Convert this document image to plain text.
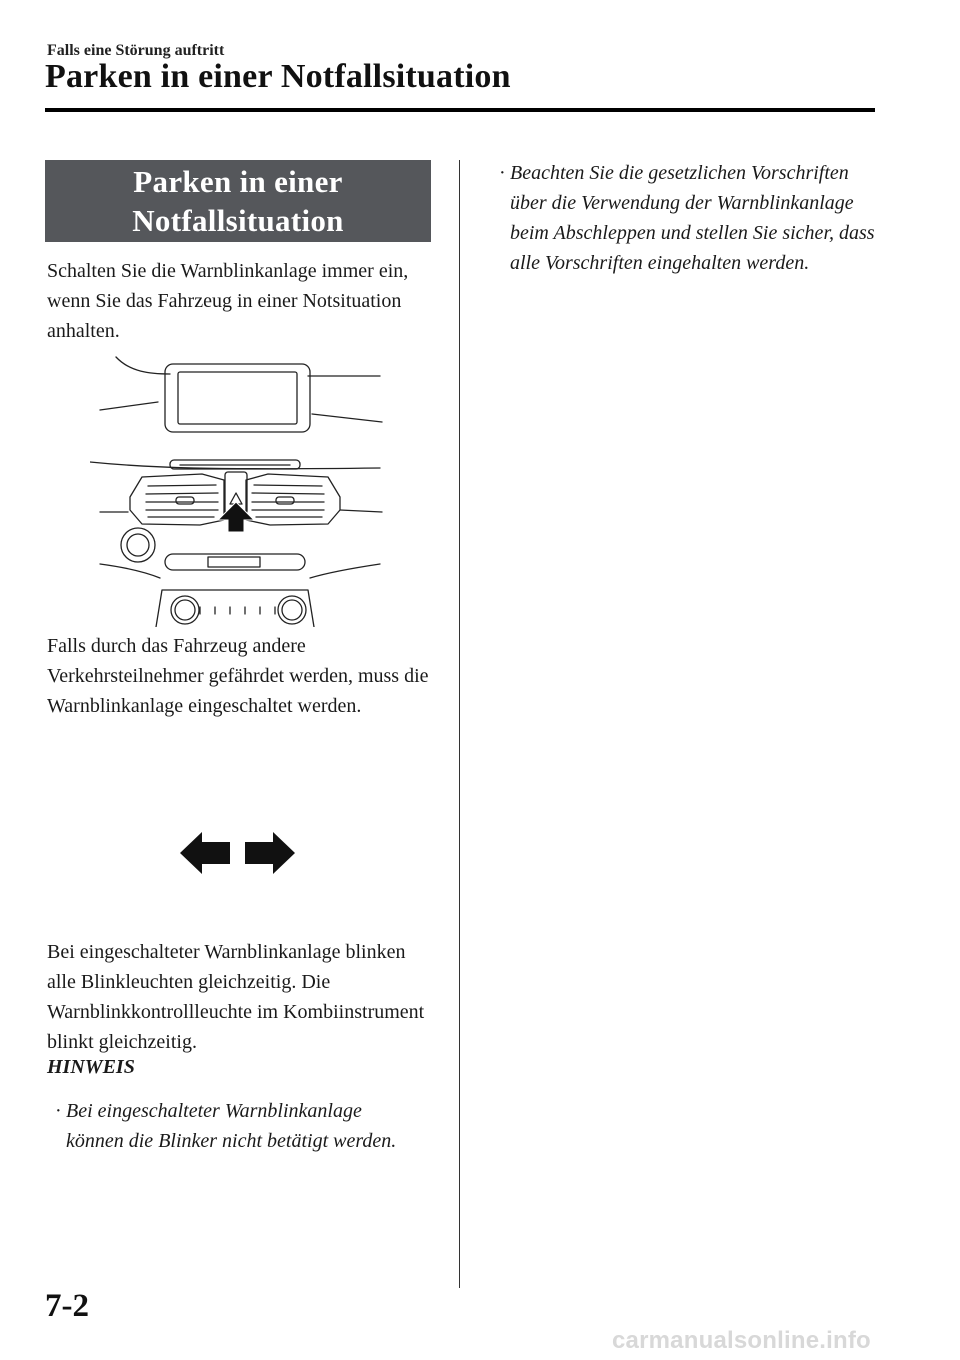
Falls eine Störung auftritt
Parken in einer Notfallsituation
Parken in einer
Notfallsituation
Schalten Sie die Warnblinkanlage immer ein, wenn Sie das Fahrzeug in einer Notsituation anhalten.
Falls durch das Fahrzeug andere Verkehrsteilnehmer gefährdet werden, muss die Warnblinkanlage eingeschaltet werden.
Bei eingeschalteter Warnblinkanlage blinken alle Blinkleuchten gleichzeitig. Die Warnblinkkontrollleuchte im Kombiinstrument blinkt gleichzeitig.
HINWEIS
· Bei eingeschalteter Warnblinkanlage können die Blinker nicht betätigt werden.
· Beachten Sie die gesetzlichen Vorschriften über die Verwendung der Warnblinkanlage beim Abschleppen und stellen Sie sicher, dass alle Vorschriften eingehalten werden.
7-2
carmanualsonline.info
